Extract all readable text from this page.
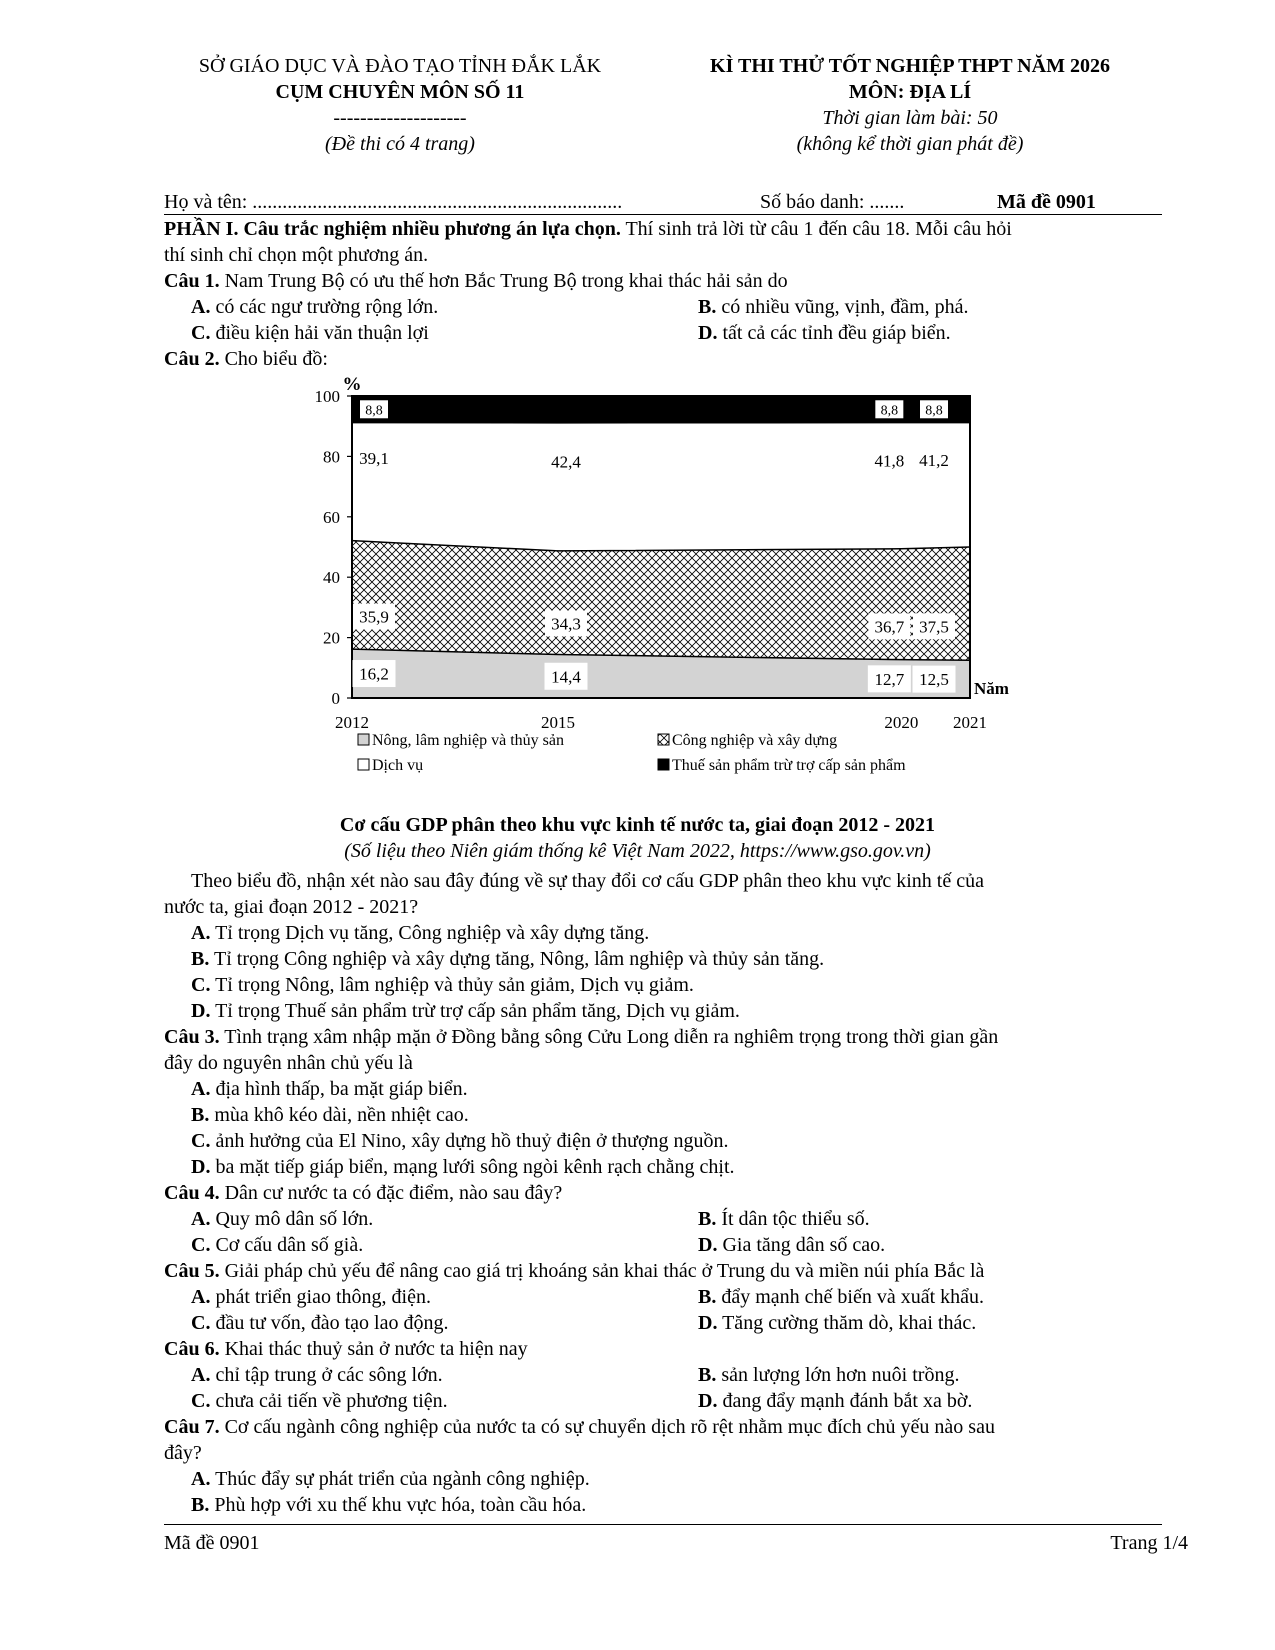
SỞ GIÁO DỤC VÀ ĐÀO TẠO TỈNH ĐẮK LẮK
CỤM CHUYÊN MÔN SỐ 11
--------------------
(Đề thi có 4 trang)
KÌ THI THỬ TỐT NGHIỆP THPT NĂM 2026
MÔN: ĐỊA LÍ
Thời gian làm bài: 50
(không kể thời gian phát đề)
Họ và tên: ..........................................................................	Số báo danh: .......	Mã đề 0901
PHẦN I. Câu trắc nghiệm nhiều phương án lựa chọn. Thí sinh trả lời từ câu 1 đến câu 18. Mỗi câu hỏi
thí sinh chỉ chọn một phương án.
Câu 1. Nam Trung Bộ có ưu thế hơn Bắc Trung Bộ trong khai thác hải sản do
A. có các ngư trường rộng lớn.	B. có nhiều vũng, vịnh, đầm, phá.
C. điều kiện hải văn thuận lợi	D. tất cả các tỉnh đều giáp biển.
Câu 2. Cho biểu đồ:
0
20
40
60
80
100
2012	2015	2020 2021
%
Năm
16,2	14,4	12,7 12,5
35,9	34,3	36,7 37,5
39,1	42,4	41,8 41,2
8,8	8,8 8,8
Nông, lâm nghiệp và thủy sản	Công nghiệp và xây dựng
Dịch vụ	Thuế sản phẩm trừ trợ cấp sản phẩm
Cơ cấu GDP phân theo khu vực kinh tế nước ta, giai đoạn 2012 - 2021
(Số liệu theo Niên giám thống kê Việt Nam 2022, https://www.gso.gov.vn)
Theo biểu đồ, nhận xét nào sau đây đúng về sự thay đổi cơ cấu GDP phân theo khu vực kinh tế của
nước ta, giai đoạn 2012 - 2021?
A. Tỉ trọng Dịch vụ tăng, Công nghiệp và xây dựng tăng.
B. Tỉ trọng Công nghiệp và xây dựng tăng, Nông, lâm nghiệp và thủy sản tăng.
C. Tỉ trọng Nông, lâm nghiệp và thủy sản giảm, Dịch vụ giảm.
D. Tỉ trọng Thuế sản phẩm trừ trợ cấp sản phẩm tăng, Dịch vụ giảm.
Câu 3. Tình trạng xâm nhập mặn ở Đồng bằng sông Cửu Long diễn ra nghiêm trọng trong thời gian gần
đây do nguyên nhân chủ yếu là
A. địa hình thấp, ba mặt giáp biển.
B. mùa khô kéo dài, nền nhiệt cao.
C. ảnh hưởng của El Nino, xây dựng hồ thuỷ điện ở thượng nguồn.
D. ba mặt tiếp giáp biển, mạng lưới sông ngòi kênh rạch chằng chịt.
Câu 4. Dân cư nước ta có đặc điểm, nào sau đây?
A. Quy mô dân số lớn.	B. Ít dân tộc thiểu số.
C. Cơ cấu dân số già.	D. Gia tăng dân số cao.
Câu 5. Giải pháp chủ yếu để nâng cao giá trị khoáng sản khai thác ở Trung du và miền núi phía Bắc là
A. phát triển giao thông, điện.	B. đẩy mạnh chế biến và xuất khẩu.
C. đầu tư vốn, đào tạo lao động.	D. Tăng cường thăm dò, khai thác.
Câu 6. Khai thác thuỷ sản ở nước ta hiện nay
A. chỉ tập trung ở các sông lớn.	B. sản lượng lớn hơn nuôi trồng.
C. chưa cải tiến về phương tiện.	D. đang đẩy mạnh đánh bắt xa bờ.
Câu 7. Cơ cấu ngành công nghiệp của nước ta có sự chuyển dịch rõ rệt nhằm mục đích chủ yếu nào sau
đây?
A. Thúc đẩy sự phát triển của ngành công nghiệp.
B. Phù hợp với xu thế khu vực hóa, toàn cầu hóa.
Mã đề 0901	Trang 1/4
